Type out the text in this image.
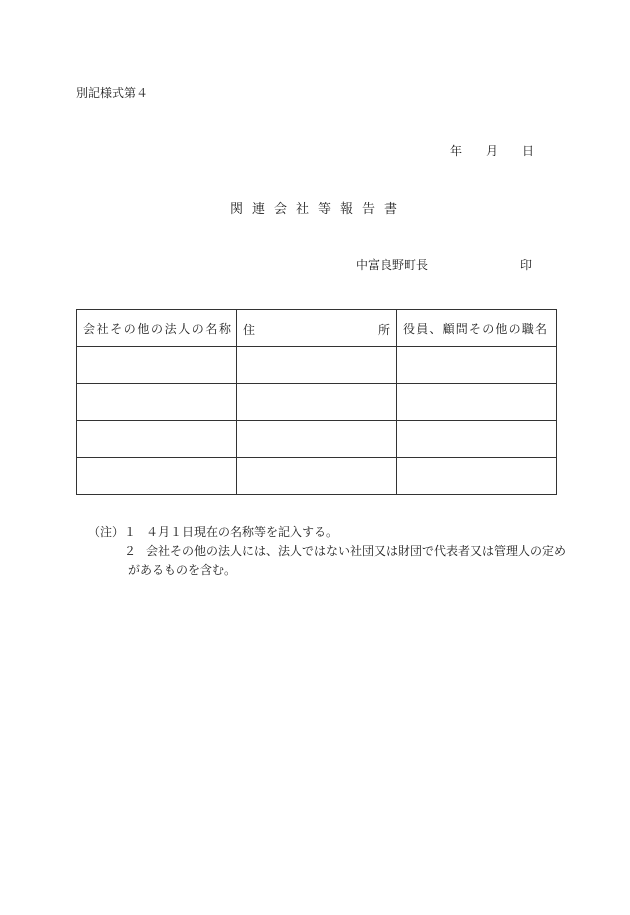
別記様式第４
年 月 日
関連会社等報告書
中富良野町長	印
会社その他の法人の名称	住 所	役員、顧問その他の職名

（注） １ ４月１日現在の名称等を記入する。
２ 会社その他の法人には、法人ではない社団又は財団で代表者又は管理人の定め
があるものを含む。
